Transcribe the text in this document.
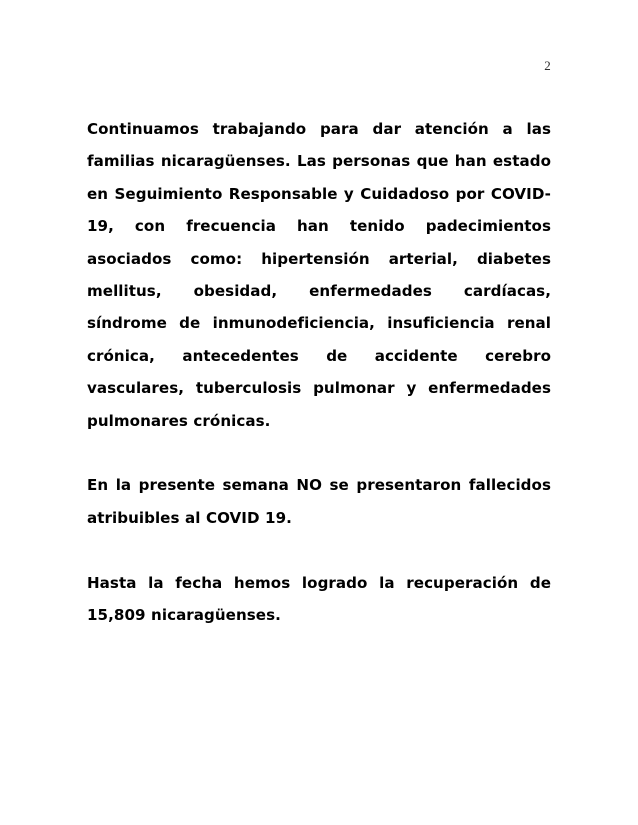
2

Continuamos trabajando para dar atención a las familias nicaragüenses. Las personas que han estado en Seguimiento Responsable y Cuidadoso por COVID-19, con frecuencia han tenido padecimientos asociados como: hipertensión arterial, diabetes mellitus, obesidad, enfermedades cardíacas, síndrome de inmunodeficiencia, insuficiencia renal crónica, antecedentes de accidente cerebro vasculares, tuberculosis pulmonar y enfermedades pulmonares crónicas.

En la presente semana NO se presentaron fallecidos atribuibles al COVID 19.

Hasta la fecha hemos logrado la recuperación de 15,809 nicaragüenses.
